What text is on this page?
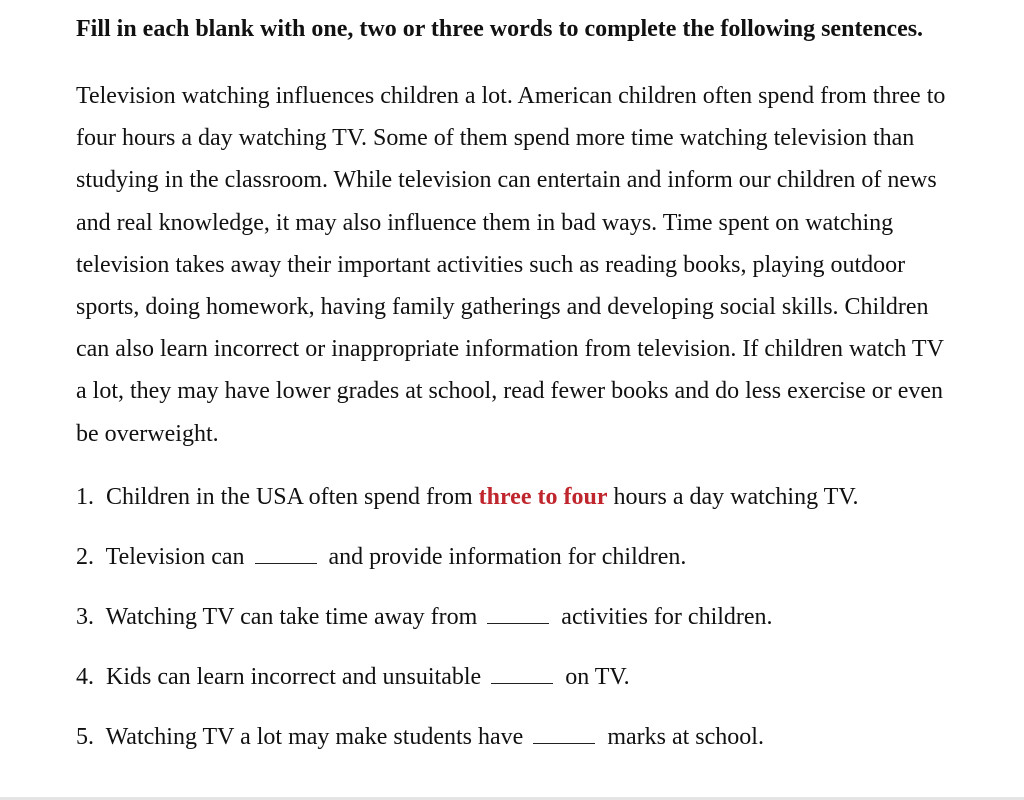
Fill in each blank with one, two or three words to complete the following sentences.
Television watching influences children a lot. American children often spend from three to four hours a day watching TV. Some of them spend more time watching television than studying in the classroom. While television can entertain and inform our children of news and real knowledge, it may also influence them in bad ways. Time spent on watching television takes away their important activities such as reading books, playing outdoor sports, doing homework, having family gatherings and developing social skills. Children can also learn incorrect or inappropriate information from television. If children watch TV a lot, they may have lower grades at school, read fewer books and do less exercise or even be overweight.
1. Children in the USA often spend from three to four hours a day watching TV.
2. Television can	and provide information for children.
3. Watching TV can take time away from	activities for children.
4. Kids can learn incorrect and unsuitable	on TV.
5. Watching TV a lot may make students have	marks at school.
